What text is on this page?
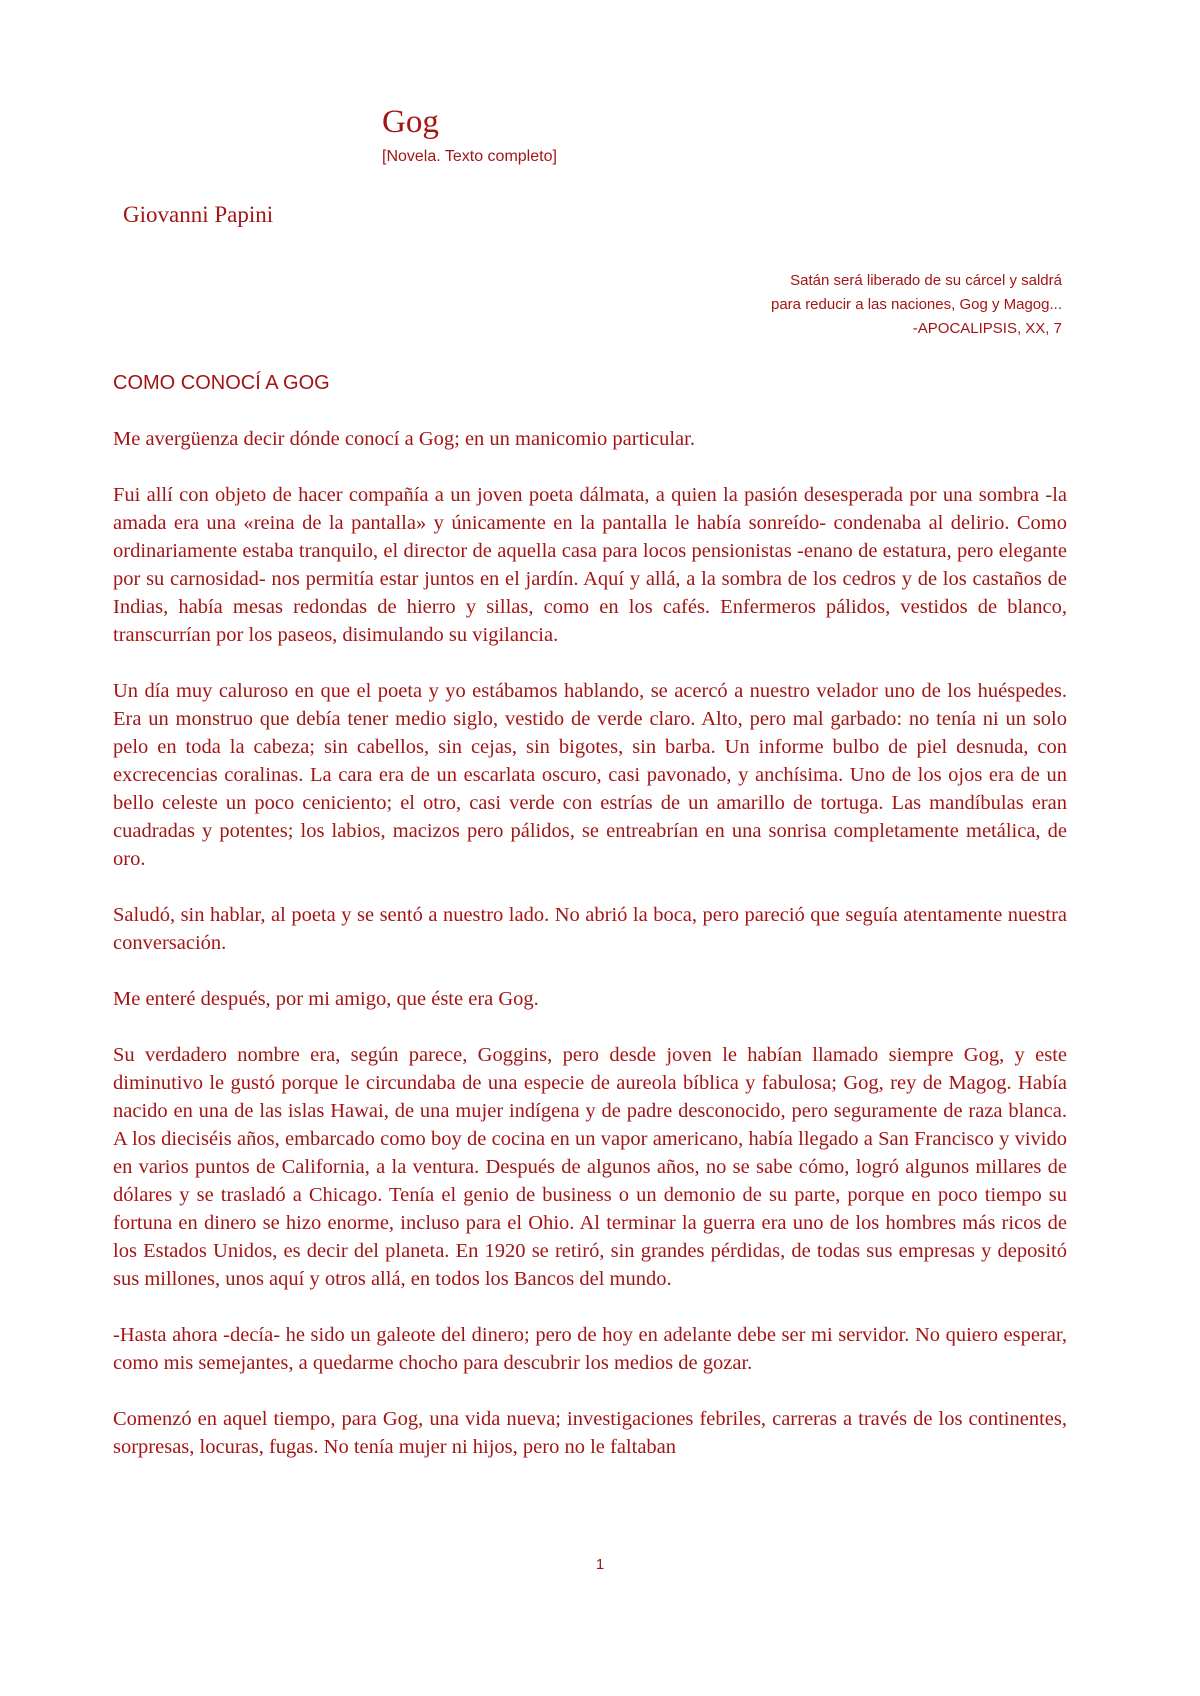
Gog
[Novela. Texto completo]
Giovanni Papini
Satán será liberado de su cárcel y saldrá
para reducir a las naciones, Gog y Magog...
-APOCALIPSIS, XX, 7
COMO CONOCÍ A GOG

Me avergüenza decir dónde conocí a Gog; en un manicomio particular.

Fui allí con objeto de hacer compañía a un joven poeta dálmata, a quien la pasión desesperada por una sombra -la amada era una «reina de la pantalla» y únicamente en la pantalla le había sonreído- condenaba al delirio. Como ordinariamente estaba tranquilo, el director de aquella casa para locos pensionistas -enano de estatura, pero elegante por su carnosidad- nos permitía estar juntos en el jardín. Aquí y allá, a la sombra de los cedros y de los castaños de Indias, había mesas redondas de hierro y sillas, como en los cafés. Enfermeros pálidos, vestidos de blanco, transcurrían por los paseos, disimulando su vigilancia.

Un día muy caluroso en que el poeta y yo estábamos hablando, se acercó a nuestro velador uno de los huéspedes. Era un monstruo que debía tener medio siglo, vestido de verde claro. Alto, pero mal garbado: no tenía ni un solo pelo en toda la cabeza; sin cabellos, sin cejas, sin bigotes, sin barba. Un informe bulbo de piel desnuda, con excrecencias coralinas. La cara era de un escarlata oscuro, casi pavonado, y anchísima. Uno de los ojos era de un bello celeste un poco ceniciento; el otro, casi verde con estrías de un amarillo de tortuga. Las mandíbulas eran cuadradas y potentes; los labios, macizos pero pálidos, se entreabrían en una sonrisa completamente metálica, de oro.

Saludó, sin hablar, al poeta y se sentó a nuestro lado. No abrió la boca, pero pareció que seguía atentamente nuestra conversación.

Me enteré después, por mi amigo, que éste era Gog.

Su verdadero nombre era, según parece, Goggins, pero desde joven le habían llamado siempre Gog, y este diminutivo le gustó porque le circundaba de una especie de aureola bíblica y fabulosa; Gog, rey de Magog. Había nacido en una de las islas Hawai, de una mujer indígena y de padre desconocido, pero seguramente de raza blanca. A los dieciséis años, embarcado como boy de cocina en un vapor americano, había llegado a San Francisco y vivido en varios puntos de California, a la ventura. Después de algunos años, no se sabe cómo, logró algunos millares de dólares y se trasladó a Chicago. Tenía el genio de business o un demonio de su parte, porque en poco tiempo su fortuna en dinero se hizo enorme, incluso para el Ohio. Al terminar la guerra era uno de los hombres más ricos de los Estados Unidos, es decir del planeta. En 1920 se retiró, sin grandes pérdidas, de todas sus empresas y depositó sus millones, unos aquí y otros allá, en todos los Bancos del mundo.

-Hasta ahora -decía- he sido un galeote del dinero; pero de hoy en adelante debe ser mi servidor. No quiero esperar, como mis semejantes, a quedarme chocho para descubrir los medios de gozar.

Comenzó en aquel tiempo, para Gog, una vida nueva; investigaciones febriles, carreras a través de los continentes, sorpresas, locuras, fugas. No tenía mujer ni hijos, pero no le faltaban

1
